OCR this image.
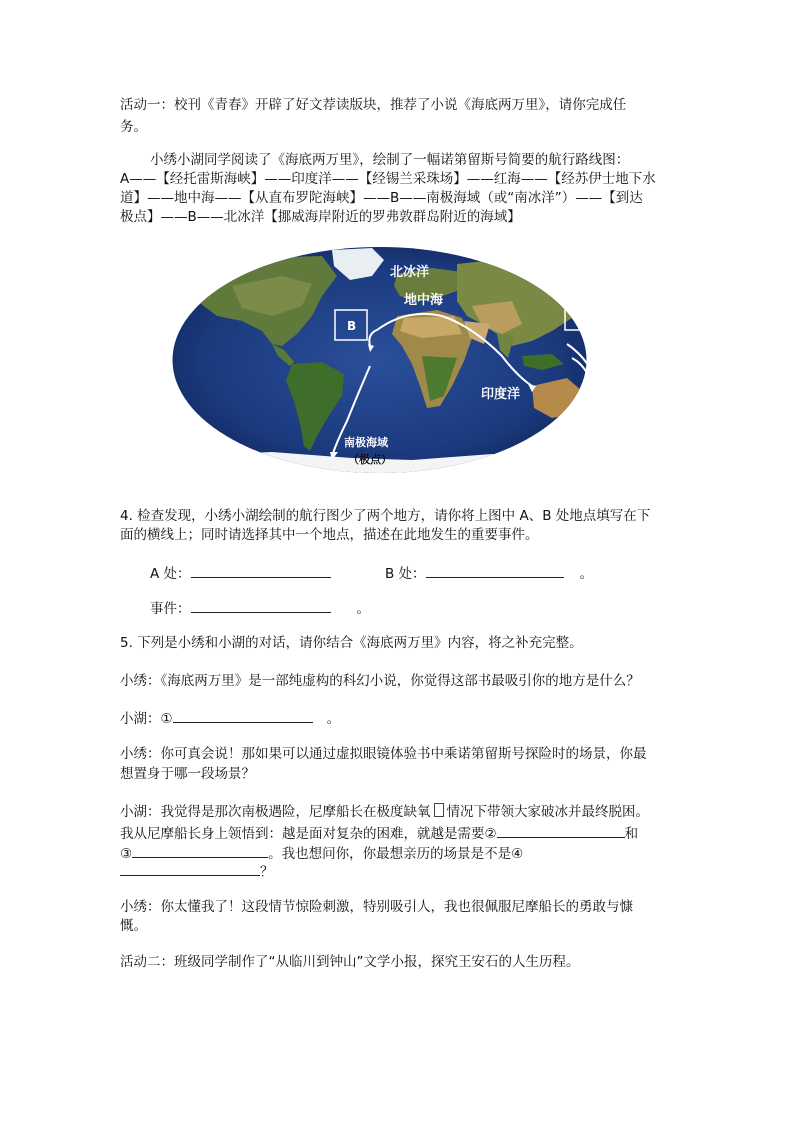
活动一：校刊《青春》开辟了好文荐读版块，推荐了小说《海底两万里》，请你完成任
务。
小绣小湖同学阅读了《海底两万里》，绘制了一幅诺第留斯号简要的航行路线图：
A——【经托雷斯海峡】——印度洋——【经锡兰采珠场】——红海——【经苏伊士地下水
道】——地中海——【从直布罗陀海峡】——B——南极海域（或“南冰洋”）——【到达
极点】——B——北冰洋【挪威海岸附近的罗弗敦群岛附近的海域】
B
A
北冰洋
地中海
印度洋
南极海域
（极点）
4. 检查发现，小绣小湖绘制的航行图少了两个地方，请你将上图中 A、B 处地点填写在下
面的横线上；同时请选择其中一个地点，描述在此地发生的重要事件。
A 处：	B 处：	。
事件：	。
5. 下列是小绣和小湖的对话，请你结合《海底两万里》内容，将之补充完整。
小绣：《海底两万里》是一部纯虚构的科幻小说，你觉得这部书最吸引你的地方是什么？
小湖：①	。
小绣：你可真会说！那如果可以通过虚拟眼镜体验书中乘诺第留斯号探险时的场景，你最
想置身于哪一段场景？
小湖：我觉得是那次南极遇险，尼摩船长在极度缺氧 情况下带领大家破冰并最终脱困。
我从尼摩船长身上领悟到：越是面对复杂的困难，就越是需要②	和
③	。我也想问你，你最想亲历的场景是不是④
？
小绣：你太懂我了！这段情节惊险刺激，特别吸引人，我也很佩服尼摩船长的勇敢与慷
慨。
活动二：班级同学制作了“从临川到钟山”文学小报，探究王安石的人生历程。
